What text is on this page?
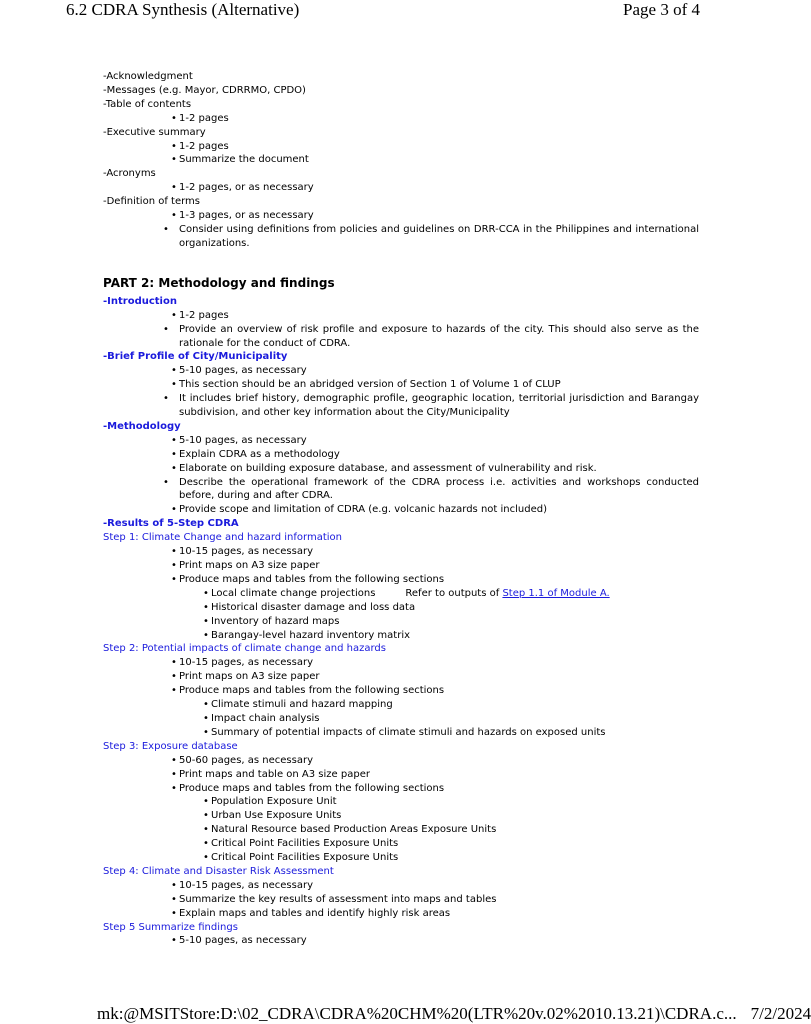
6.2 CDRA Synthesis (Alternative)	Page 3 of 4
-Acknowledgment
-Messages (e.g. Mayor, CDRRMO, CPDO)
-Table of contents
• 1-2 pages
-Executive summary
• 1-2 pages
• Summarize the document
-Acronyms
• 1-2 pages, or as necessary
-Definition of terms
• 1-3 pages, or as necessary
• Consider using definitions from policies and guidelines on DRR-CCA in the Philippines and international organizations.
PART 2: Methodology and findings
-Introduction
• 1-2 pages
• Provide an overview of risk profile and exposure to hazards of the city. This should also serve as the rationale for the conduct of CDRA.
-Brief Profile of City/Municipality
• 5-10 pages, as necessary
• This section should be an abridged version of Section 1 of Volume 1 of CLUP
• It includes brief history, demographic profile, geographic location, territorial jurisdiction and Barangay subdivision, and other key information about the City/Municipality
-Methodology
• 5-10 pages, as necessary
• Explain CDRA as a methodology
• Elaborate on building exposure database, and assessment of vulnerability and risk.
• Describe the operational framework of the CDRA process i.e. activities and workshops conducted before, during and after CDRA.
• Provide scope and limitation of CDRA (e.g. volcanic hazards not included)
-Results of 5-Step CDRA
Step 1: Climate Change and hazard information
• 10-15 pages, as necessary
• Print maps on A3 size paper
• Produce maps and tables from the following sections
• Local climate change projections	Refer to outputs of Step 1.1 of Module A.
• Historical disaster damage and loss data
• Inventory of hazard maps
• Barangay-level hazard inventory matrix
Step 2: Potential impacts of climate change and hazards
• 10-15 pages, as necessary
• Print maps on A3 size paper
• Produce maps and tables from the following sections
• Climate stimuli and hazard mapping
• Impact chain analysis
• Summary of potential impacts of climate stimuli and hazards on exposed units
Step 3: Exposure database
• 50-60 pages, as necessary
• Print maps and table on A3 size paper
• Produce maps and tables from the following sections
• Population Exposure Unit
• Urban Use Exposure Units
• Natural Resource based Production Areas Exposure Units
• Critical Point Facilities Exposure Units
• Critical Point Facilities Exposure Units
Step 4: Climate and Disaster Risk Assessment
• 10-15 pages, as necessary
• Summarize the key results of assessment into maps and tables
• Explain maps and tables and identify highly risk areas
Step 5 Summarize findings
• 5-10 pages, as necessary
mk:@MSITStore:D:\02_CDRA\CDRA%20CHM%20(LTR%20v.02%2010.13.21)\CDRA.c... 7/2/2024
